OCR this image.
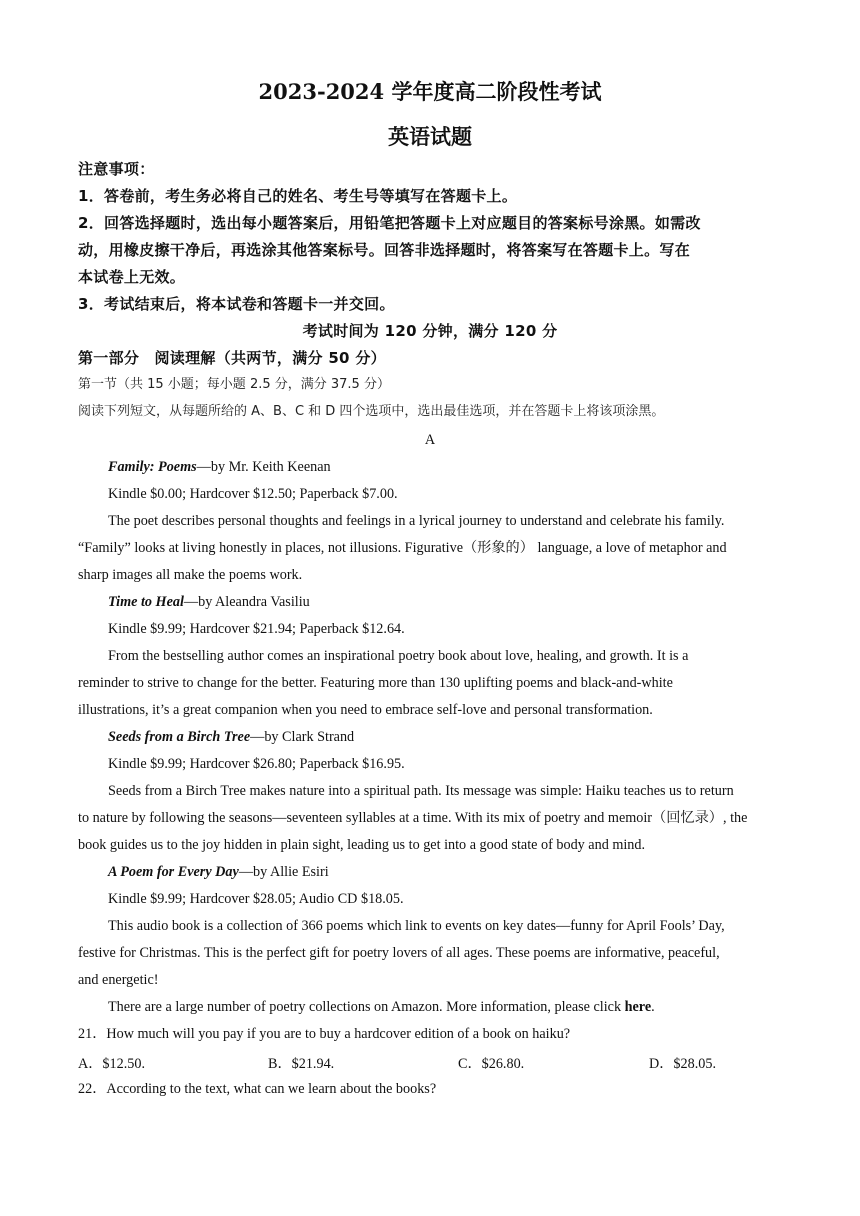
2023-2024 学年度高二阶段性考试
英语试题
注意事项：
1．答卷前，考生务必将自己的姓名、考生号等填写在答题卡上。
2．回答选择题时，选出每小题答案后，用铅笔把答题卡上对应题目的答案标号涂黑。如需改
动，用橡皮擦干净后，再选涂其他答案标号。回答非选择题时，将答案写在答题卡上。写在
本试卷上无效。
3．考试结束后，将本试卷和答题卡一并交回。
考试时间为 120 分钟，满分 120 分
第一部分　阅读理解（共两节，满分 50 分）
第一节（共 15 小题；每小题 2.5 分，满分 37.5 分）
阅读下列短文，从每题所给的 A、B、C 和 D 四个选项中，选出最佳选项，并在答题卡上将该项涂黑。
A
Family: Poems—by Mr. Keith Keenan
Kindle $0.00; Hardcover $12.50; Paperback $7.00.
The poet describes personal thoughts and feelings in a lyrical journey to understand and celebrate his family.
“Family” looks at living honestly in places, not illusions. Figurative（形象的） language, a love of metaphor and
sharp images all make the poems work.
Time to Heal—by Aleandra Vasiliu
Kindle $9.99; Hardcover $21.94; Paperback $12.64.
From the bestselling author comes an inspirational poetry book about love, healing, and growth. It is a
reminder to strive to change for the better. Featuring more than 130 uplifting poems and black-and-white
illustrations, it’s a great companion when you need to embrace self-love and personal transformation.
Seeds from a Birch Tree—by Clark Strand
Kindle $9.99; Hardcover $26.80; Paperback $16.95.
Seeds from a Birch Tree makes nature into a spiritual path. Its message was simple: Haiku teaches us to return
to nature by following the seasons—seventeen syllables at a time. With its mix of poetry and memoir（回忆录）, the
book guides us to the joy hidden in plain sight, leading us to get into a good state of body and mind.
A Poem for Every Day—by Allie Esiri
Kindle $9.99; Hardcover $28.05; Audio CD $18.05.
This audio book is a collection of 366 poems which link to events on key dates—funny for April Fools’ Day,
festive for Christmas. This is the perfect gift for poetry lovers of all ages. These poems are informative, peaceful,
and energetic!
There are a large number of poetry collections on Amazon. More information, please click here.
21．How much will you pay if you are to buy a hardcover edition of a book on haiku?
A．$12.50.	B．$21.94.	C．$26.80.	D．$28.05.
22．According to the text, what can we learn about the books?
